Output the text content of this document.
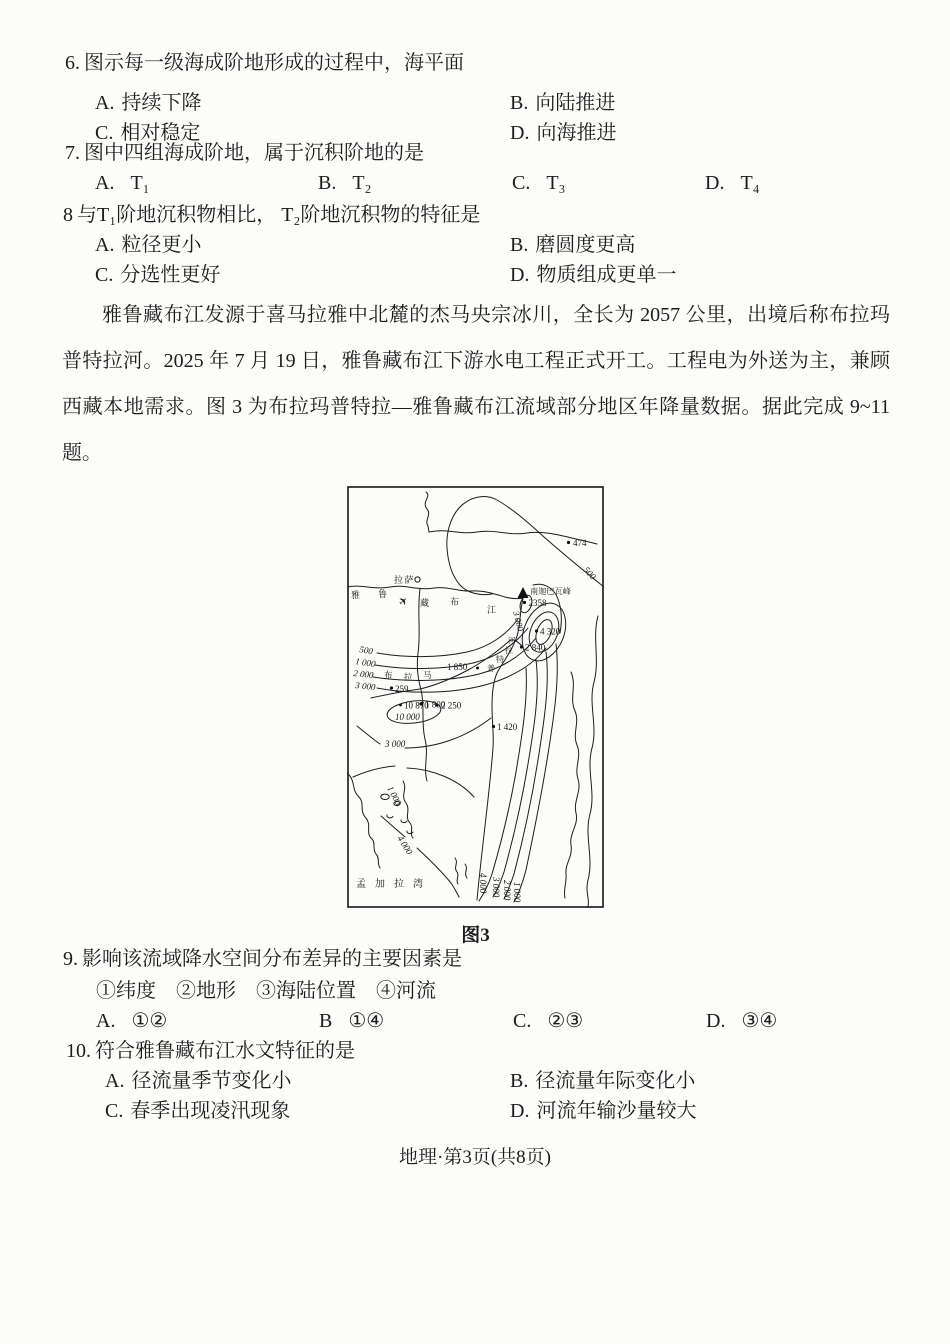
6. 图示每一级海成阶地形成的过程中，海平面
A. 持续下降	B. 向陆推进
C. 相对稳定	D. 向海推进
7. 图中四组海成阶地，属于沉积阶地的是
A. T₁	B. T₂	C. T₃	D. T₄
8 与T₁阶地沉积物相比， T₂阶地沉积物的特征是
A. 粒径更小	B. 磨圆度更高
C. 分选性更好	D. 物质组成更单一
雅鲁藏布江发源于喜马拉雅中北麓的杰马央宗冰川，全长为 2057 公里，出境后称布拉玛普特拉河。2025 年 7 月 19 日，雅鲁藏布江下游水电工程正式开工。工程电为外送为主，兼顾西藏本地需求。图 3 为布拉玛普特拉—雅鲁藏布江流域部分地区年降量数据。据此完成 9~11 题。
拉萨
✈
雅 鲁
藏 布
江
474
500
南迦巴瓦峰
2358
3 000 4 320
河
2 840
普
特
拉
1 850
布 拉 马
259
1 800
2 250
10 870
10 000
1 420
500
1 000
2 000
3 000
3 000
1 000
4 000
4 000 3 000 2 000 1 000
孟 加 拉 湾
图3
9. 影响该流域降水空间分布差异的主要因素是
①纬度　②地形　③海陆位置　④河流
A. ①②	B ①④	C. ②③	D. ③④
10. 符合雅鲁藏布江水文特征的是
A. 径流量季节变化小	B. 径流量年际变化小
C. 春季出现凌汛现象	D. 河流年输沙量较大
地理·第3页(共8页)
